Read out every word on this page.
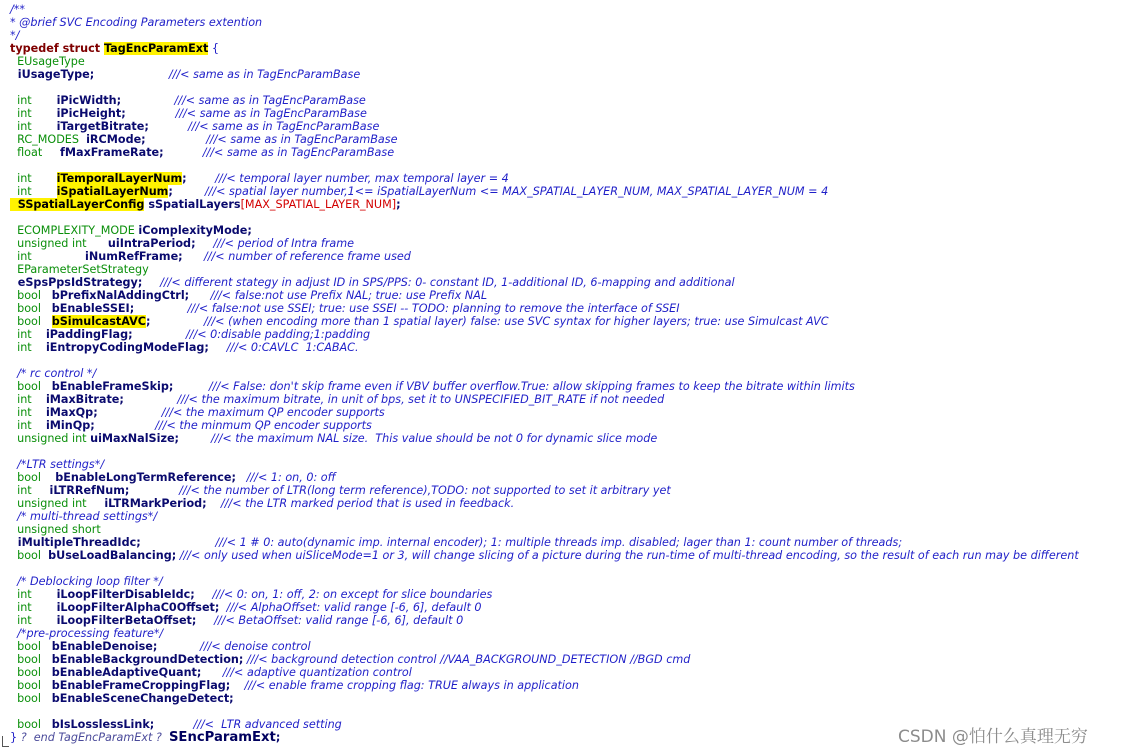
/**
* @brief SVC Encoding Parameters extention
*/
typedef struct TagEncParamExt {
EUsageType
iUsageType;                     ///< same as in TagEncParamBase
int       iPicWidth;               ///< same as in TagEncParamBase
int       iPicHeight;              ///< same as in TagEncParamBase
int       iTargetBitrate;           ///< same as in TagEncParamBase
RC_MODES  iRCMode;                 ///< same as in TagEncParamBase
float     fMaxFrameRate;           ///< same as in TagEncParamBase
int       iTemporalLayerNum;        ///< temporal layer number, max temporal layer = 4
int       iSpatialLayerNum;         ///< spatial layer number,1<= iSpatialLayerNum <= MAX_SPATIAL_LAYER_NUM, MAX_SPATIAL_LAYER_NUM = 4
SSpatialLayerConfig sSpatialLayers[MAX_SPATIAL_LAYER_NUM];
ECOMPLEXITY_MODE iComplexityMode;
unsigned int      uiIntraPeriod;     ///< period of Intra frame
int               iNumRefFrame;      ///< number of reference frame used
EParameterSetStrategy
eSpsPpsIdStrategy;     ///< different stategy in adjust ID in SPS/PPS: 0- constant ID, 1-additional ID, 6-mapping and additional
bool   bPrefixNalAddingCtrl;      ///< false:not use Prefix NAL; true: use Prefix NAL
bool   bEnableSSEI;               ///< false:not use SSEI; true: use SSEI -- TODO: planning to remove the interface of SSEI
bool   bSimulcastAVC;               ///< (when encoding more than 1 spatial layer) false: use SVC syntax for higher layers; true: use Simulcast AVC
int    iPaddingFlag;               ///< 0:disable padding;1:padding
int    iEntropyCodingModeFlag;     ///< 0:CAVLC  1:CABAC.
/* rc control */
bool   bEnableFrameSkip;          ///< False: don't skip frame even if VBV buffer overflow.True: allow skipping frames to keep the bitrate within limits
int    iMaxBitrate;               ///< the maximum bitrate, in unit of bps, set it to UNSPECIFIED_BIT_RATE if not needed
int    iMaxQp;                  ///< the maximum QP encoder supports
int    iMinQp;                 ///< the minmum QP encoder supports
unsigned int uiMaxNalSize;         ///< the maximum NAL size.  This value should be not 0 for dynamic slice mode
/*LTR settings*/
bool    bEnableLongTermReference;   ///< 1: on, 0: off
int     iLTRRefNum;              ///< the number of LTR(long term reference),TODO: not supported to set it arbitrary yet
unsigned int     iLTRMarkPeriod;    ///< the LTR marked period that is used in feedback.
/* multi-thread settings*/
unsigned short
iMultipleThreadIdc;                     ///< 1 # 0: auto(dynamic imp. internal encoder); 1: multiple threads imp. disabled; lager than 1: count number of threads;
bool  bUseLoadBalancing; ///< only used when uiSliceMode=1 or 3, will change slicing of a picture during the run-time of multi-thread encoding, so the result of each run may be different
/* Deblocking loop filter */
int       iLoopFilterDisableIdc;     ///< 0: on, 1: off, 2: on except for slice boundaries
int       iLoopFilterAlphaC0Offset;  ///< AlphaOffset: valid range [-6, 6], default 0
int       iLoopFilterBetaOffset;     ///< BetaOffset: valid range [-6, 6], default 0
/*pre-processing feature*/
bool   bEnableDenoise;            ///< denoise control
bool   bEnableBackgroundDetection; ///< background detection control //VAA_BACKGROUND_DETECTION //BGD cmd
bool   bEnableAdaptiveQuant;      ///< adaptive quantization control
bool   bEnableFrameCroppingFlag;    ///< enable frame cropping flag: TRUE always in application
bool   bEnableSceneChangeDetect;
bool   bIsLosslessLink;           ///<  LTR advanced setting
} ?  end TagEncParamExt ?  SEncParamExt;	CSDN @怕什么真理无穷
